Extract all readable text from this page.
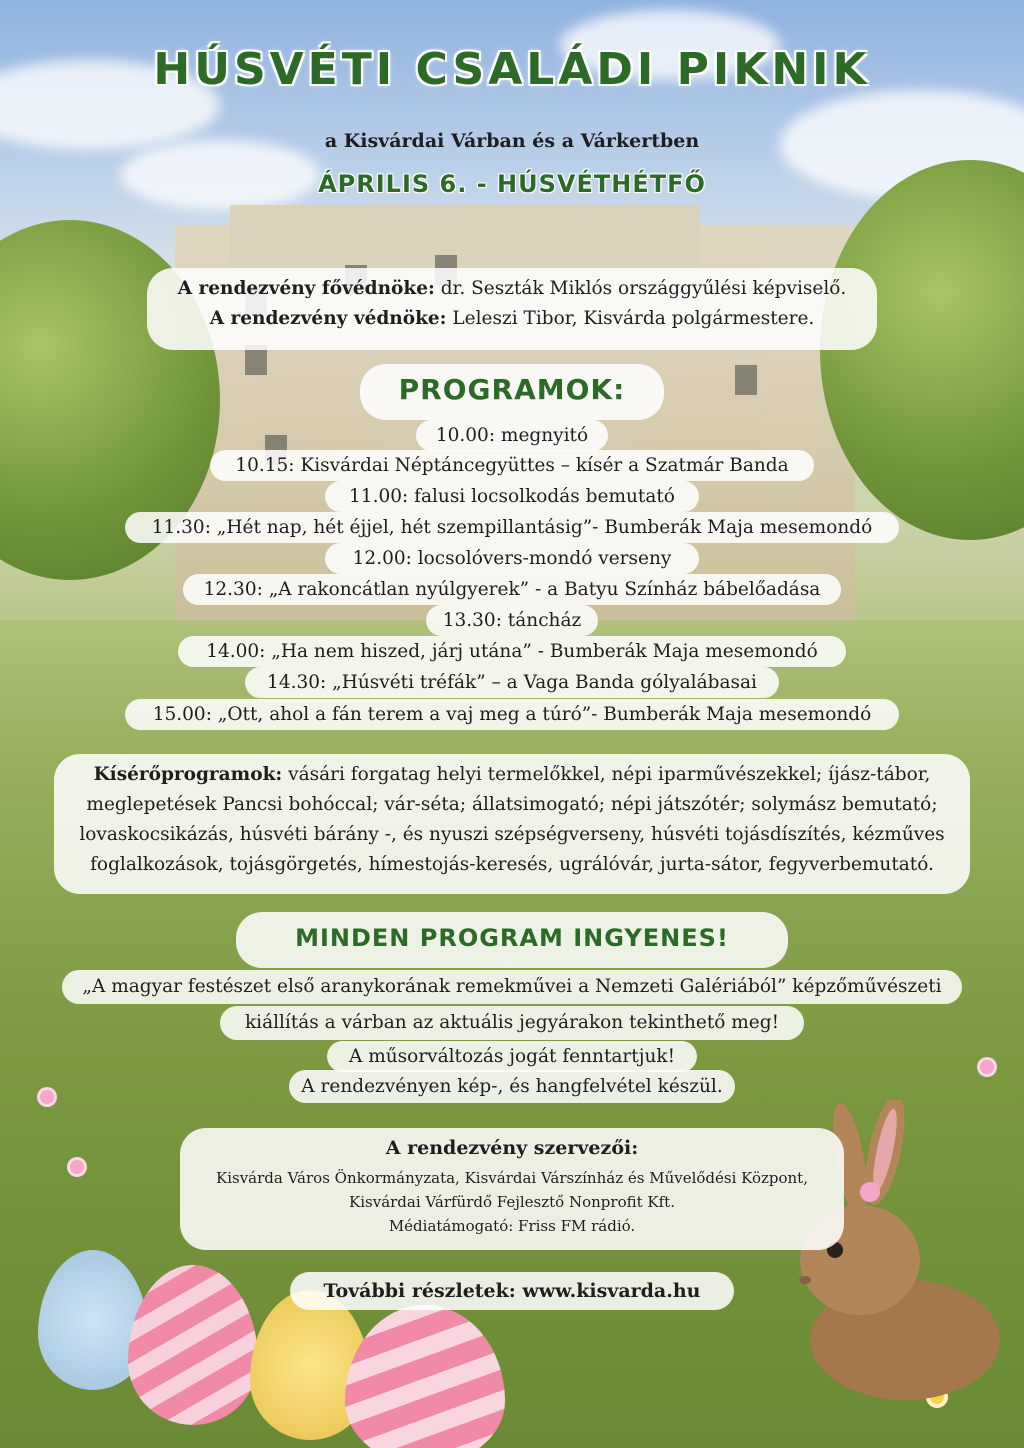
HÚSVÉTI CSALÁDI PIKNIK
a Kisvárdai Várban és a Várkertben
ÁPRILIS 6. - HÚSVÉTHÉTFŐ
A rendezvény fővédnöke: dr. Seszták Miklós országgyűlési képviselő.
A rendezvény védnöke: Leleszi Tibor, Kisvárda polgármestere.
PROGRAMOK:
10.00: megnyitó
10.15: Kisvárdai Néptáncegyüttes – kísér a Szatmár Banda
11.00: falusi locsolkodás bemutató
11.30: „Hét nap, hét éjjel, hét szempillantásig”- Bumberák Maja mesemondó
12.00: locsolóvers-mondó verseny
12.30: „A rakoncátlan nyúlgyerek” - a Batyu Színház bábelőadása
13.30: táncház
14.00: „Ha nem hiszed, járj utána” - Bumberák Maja mesemondó
14.30: „Húsvéti tréfák” – a Vaga Banda gólyalábasai
15.00: „Ott, ahol a fán terem a vaj meg a túró”- Bumberák Maja mesemondó
Kísérőprogramok: vásári forgatag helyi termelőkkel, népi iparművészekkel; íjász-tábor,
meglepetések Pancsi bohóccal; vár-séta; állatsimogató; népi játszótér; solymász bemutató;
lovaskocsikázás, húsvéti bárány -, és nyuszi szépségverseny, húsvéti tojásdíszítés, kézműves
foglalkozások, tojásgörgetés, hímestojás-keresés, ugrálóvár, jurta-sátor, fegyverbemutató.
MINDEN PROGRAM INGYENES!
„A magyar festészet első aranykorának remekművei a Nemzeti Galériából” képzőművészeti
kiállítás a várban az aktuális jegyárakon tekinthető meg!
A műsorváltozás jogát fenntartjuk!
A rendezvényen kép-, és hangfelvétel készül.
A rendezvény szervezői:
Kisvárda Város Önkormányzata, Kisvárdai Várszínház és Művelődési Központ,
Kisvárdai Várfürdő Fejlesztő Nonprofit Kft.
Médiatámogató: Friss FM rádió.
További részletek: www.kisvarda.hu
